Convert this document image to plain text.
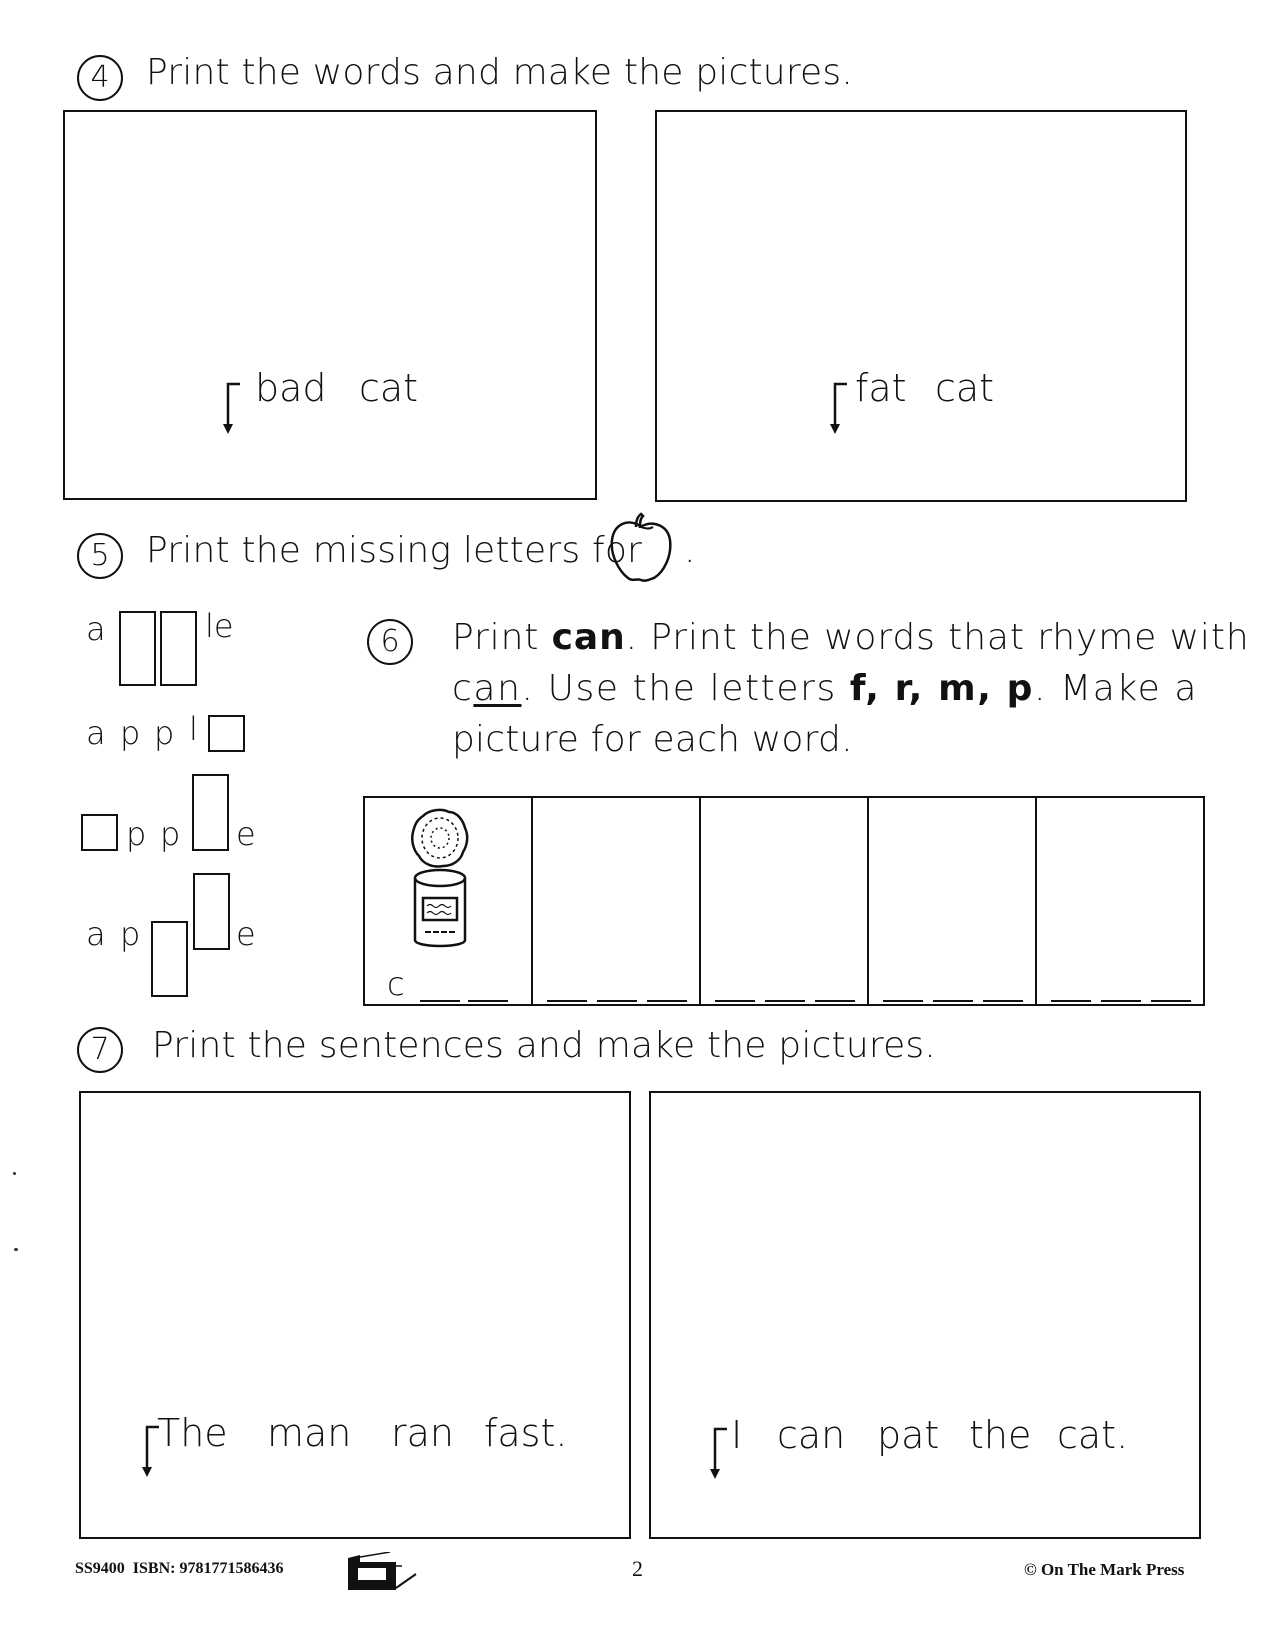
4	Print the words and make the pictures.
bad cat	fat cat
5	Print the missing letters for .
a	le
a p p l
p p e
a p	e
6	Print can. Print the words that rhyme with
can. Use the letters f, r, m, p. Make a
picture for each word.
c
7	Print the sentences and make the pictures.
The man ran fast.	I can pat the cat.
SS9400 ISBN: 9781771586436	2	© On The Mark Press
